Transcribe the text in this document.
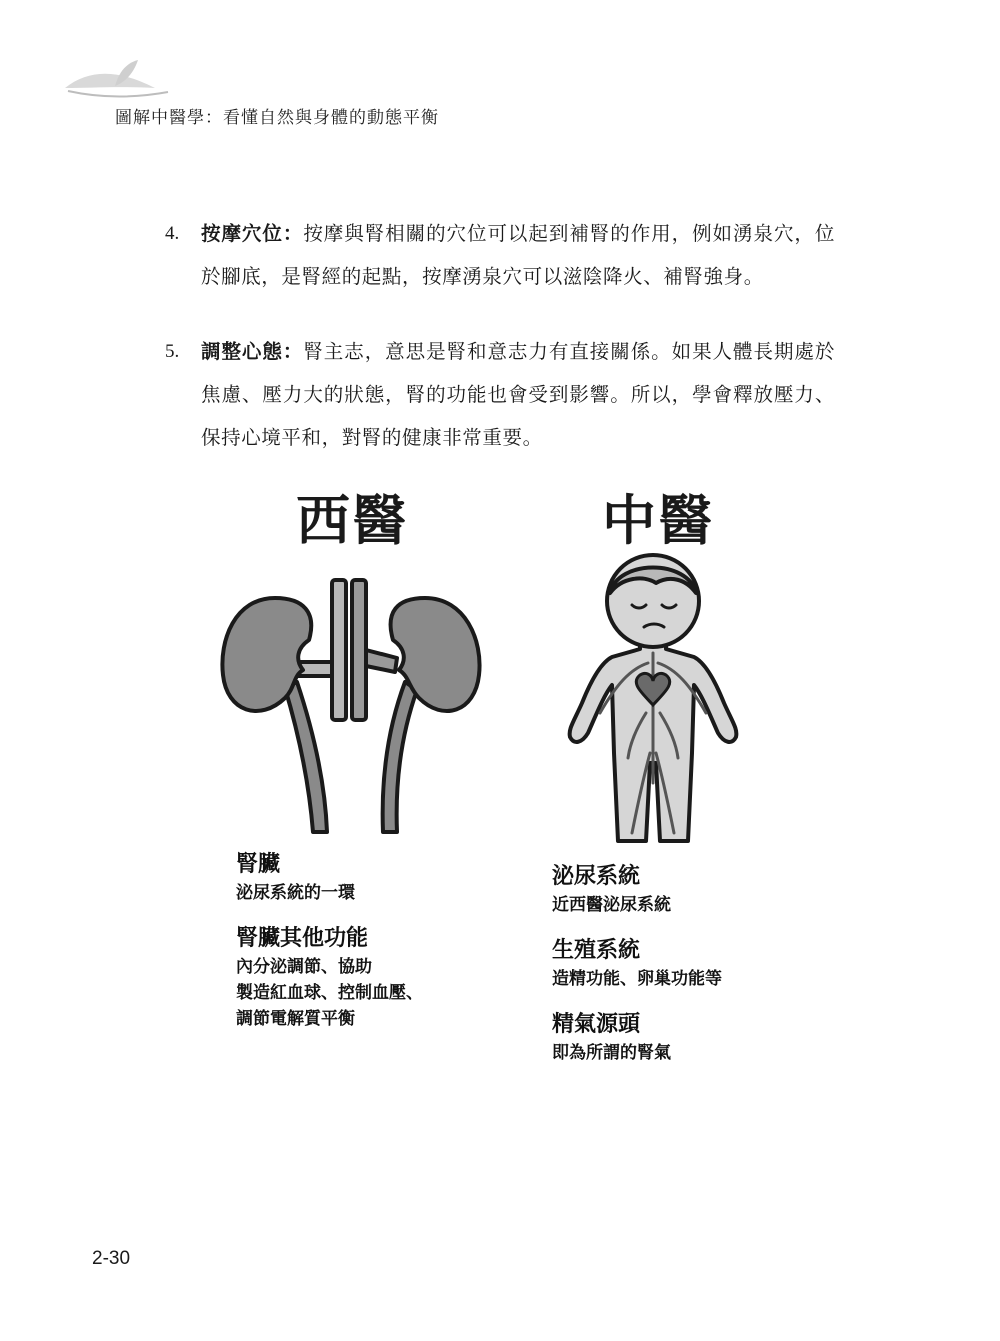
圖解中醫學：看懂自然與身體的動態平衡
4. 按摩穴位：按摩與腎相關的穴位可以起到補腎的作用，例如湧泉穴，位於腳底，是腎經的起點，按摩湧泉穴可以滋陰降火、補腎強身。
5. 調整心態：腎主志，意思是腎和意志力有直接關係。如果人體長期處於焦慮、壓力大的狀態，腎的功能也會受到影響。所以，學會釋放壓力、保持心境平和，對腎的健康非常重要。
西醫	中醫
腎臟
泌尿系統的一環
腎臟其他功能
內分泌調節、協助
製造紅血球、控制血壓、
調節電解質平衡
泌尿系統
近西醫泌尿系統
生殖系統
造精功能、卵巢功能等
精氣源頭
即為所謂的腎氣
2-30
